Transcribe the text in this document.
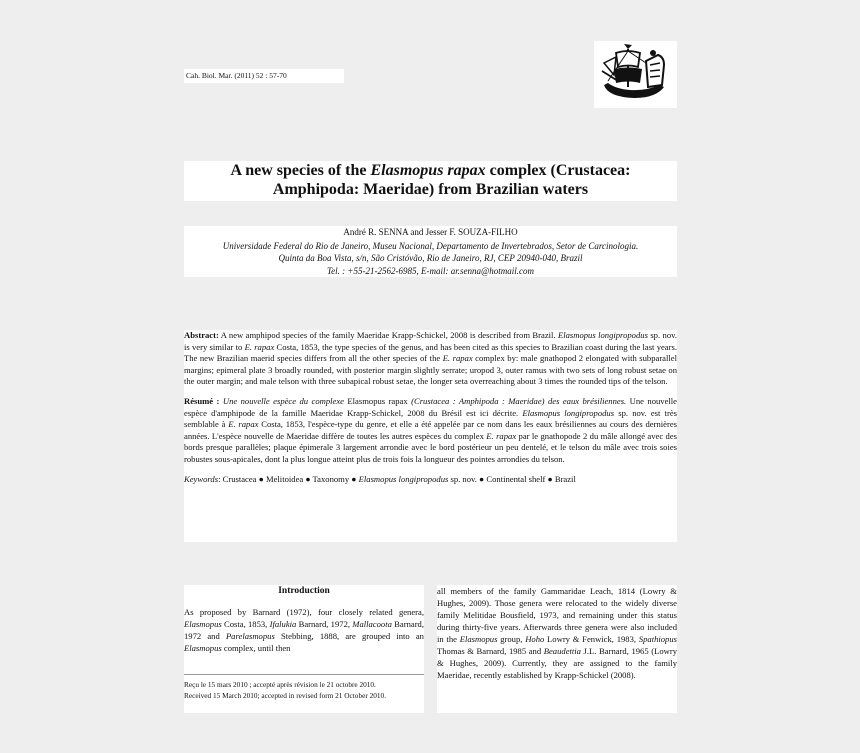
Cah. Biol. Mar. (2011) 52 : 57-70
A new species of the Elasmopus rapax complex (Crustacea:
Amphipoda: Maeridae) from Brazilian waters
André R. SENNA and Jesser F. SOUZA-FILHO
Universidade Federal do Rio de Janeiro, Museu Nacional, Departamento de Invertebrados, Setor de Carcinologia.
Quinta da Boa Vista, s/n, São Cristóvão, Rio de Janeiro, RJ, CEP 20940-040, Brazil
Tel. : +55-21-2562-6985, E-mail: ar.senna@hotmail.com

Abstract: A new amphipod species of the family Maeridae Krapp-Schickel, 2008 is described from Brazil. Elasmopus longipropodus sp. nov. is very similar to E. rapax Costa, 1853, the type species of the genus, and has been cited as this species to Brazilian coast during the last years. The new Brazilian maerid species differs from all the other species of the E. rapax complex by: male gnathopod 2 elongated with subparallel margins; epimeral plate 3 broadly rounded, with posterior margin slightly serrate; uropod 3, outer ramus with two sets of long robust setae on the outer margin; and male telson with three subapical robust setae, the longer seta overreaching about 3 times the rounded tips of the telson.

Résumé : Une nouvelle espèce du complexe Elasmopus rapax (Crustacea : Amphipoda : Maeridae) des eaux brésiliennes. Une nouvelle espèce d'amphipode de la famille Maeridae Krapp-Schickel, 2008 du Brésil est ici décrite. Elasmopus longipropodus sp. nov. est très semblable à E. rapax Costa, 1853, l'espèce-type du genre, et elle a été appelée par ce nom dans les eaux brésiliennes au cours des dernières années. L'espèce nouvelle de Maeridae diffère de toutes les autres espèces du complex E. rapax par le gnathopode 2 du mâle allongé avec des bords presque parallèles; plaque épimerale 3 largement arrondie avec le bord postérieur un peu dentelé, et le telson du mâle avec trois soies robustes sous-apicales, dont la plus longue atteint plus de trois fois la longueur des pointes arrondies du telson.

Keywords: Crustacea ● Melitoidea ● Taxonomy ● Elasmopus longipropodus sp. nov. ● Continental shelf ● Brazil

Introduction

As proposed by Barnard (1972), four closely related genera, Elasmopus Costa, 1853, Ifalukia Barnard, 1972, Mallacoota Barnard, 1972 and Parelasmopus Stebbing, 1888, are grouped into an Elasmopus complex, until then

Reçu le 15 mars 2010 ; accepté après révision le 21 octobre 2010.
Received 15 March 2010; accepted in revised form 21 October 2010.

all members of the family Gammaridae Leach, 1814 (Lowry & Hughes, 2009). Those genera were relocated to the widely diverse family Melitidae Bousfield, 1973, and remaining under this status during thirty-five years. Afterwards three genera were also included in the Elasmopus group, Hoho Lowry & Fenwick, 1983, Spathiopus Thomas & Barnard, 1985 and Beaudettia J.L. Barnard, 1965 (Lowry & Hughes, 2009). Currently, they are assigned to the family Maeridae, recently established by Krapp-Schickel (2008).
